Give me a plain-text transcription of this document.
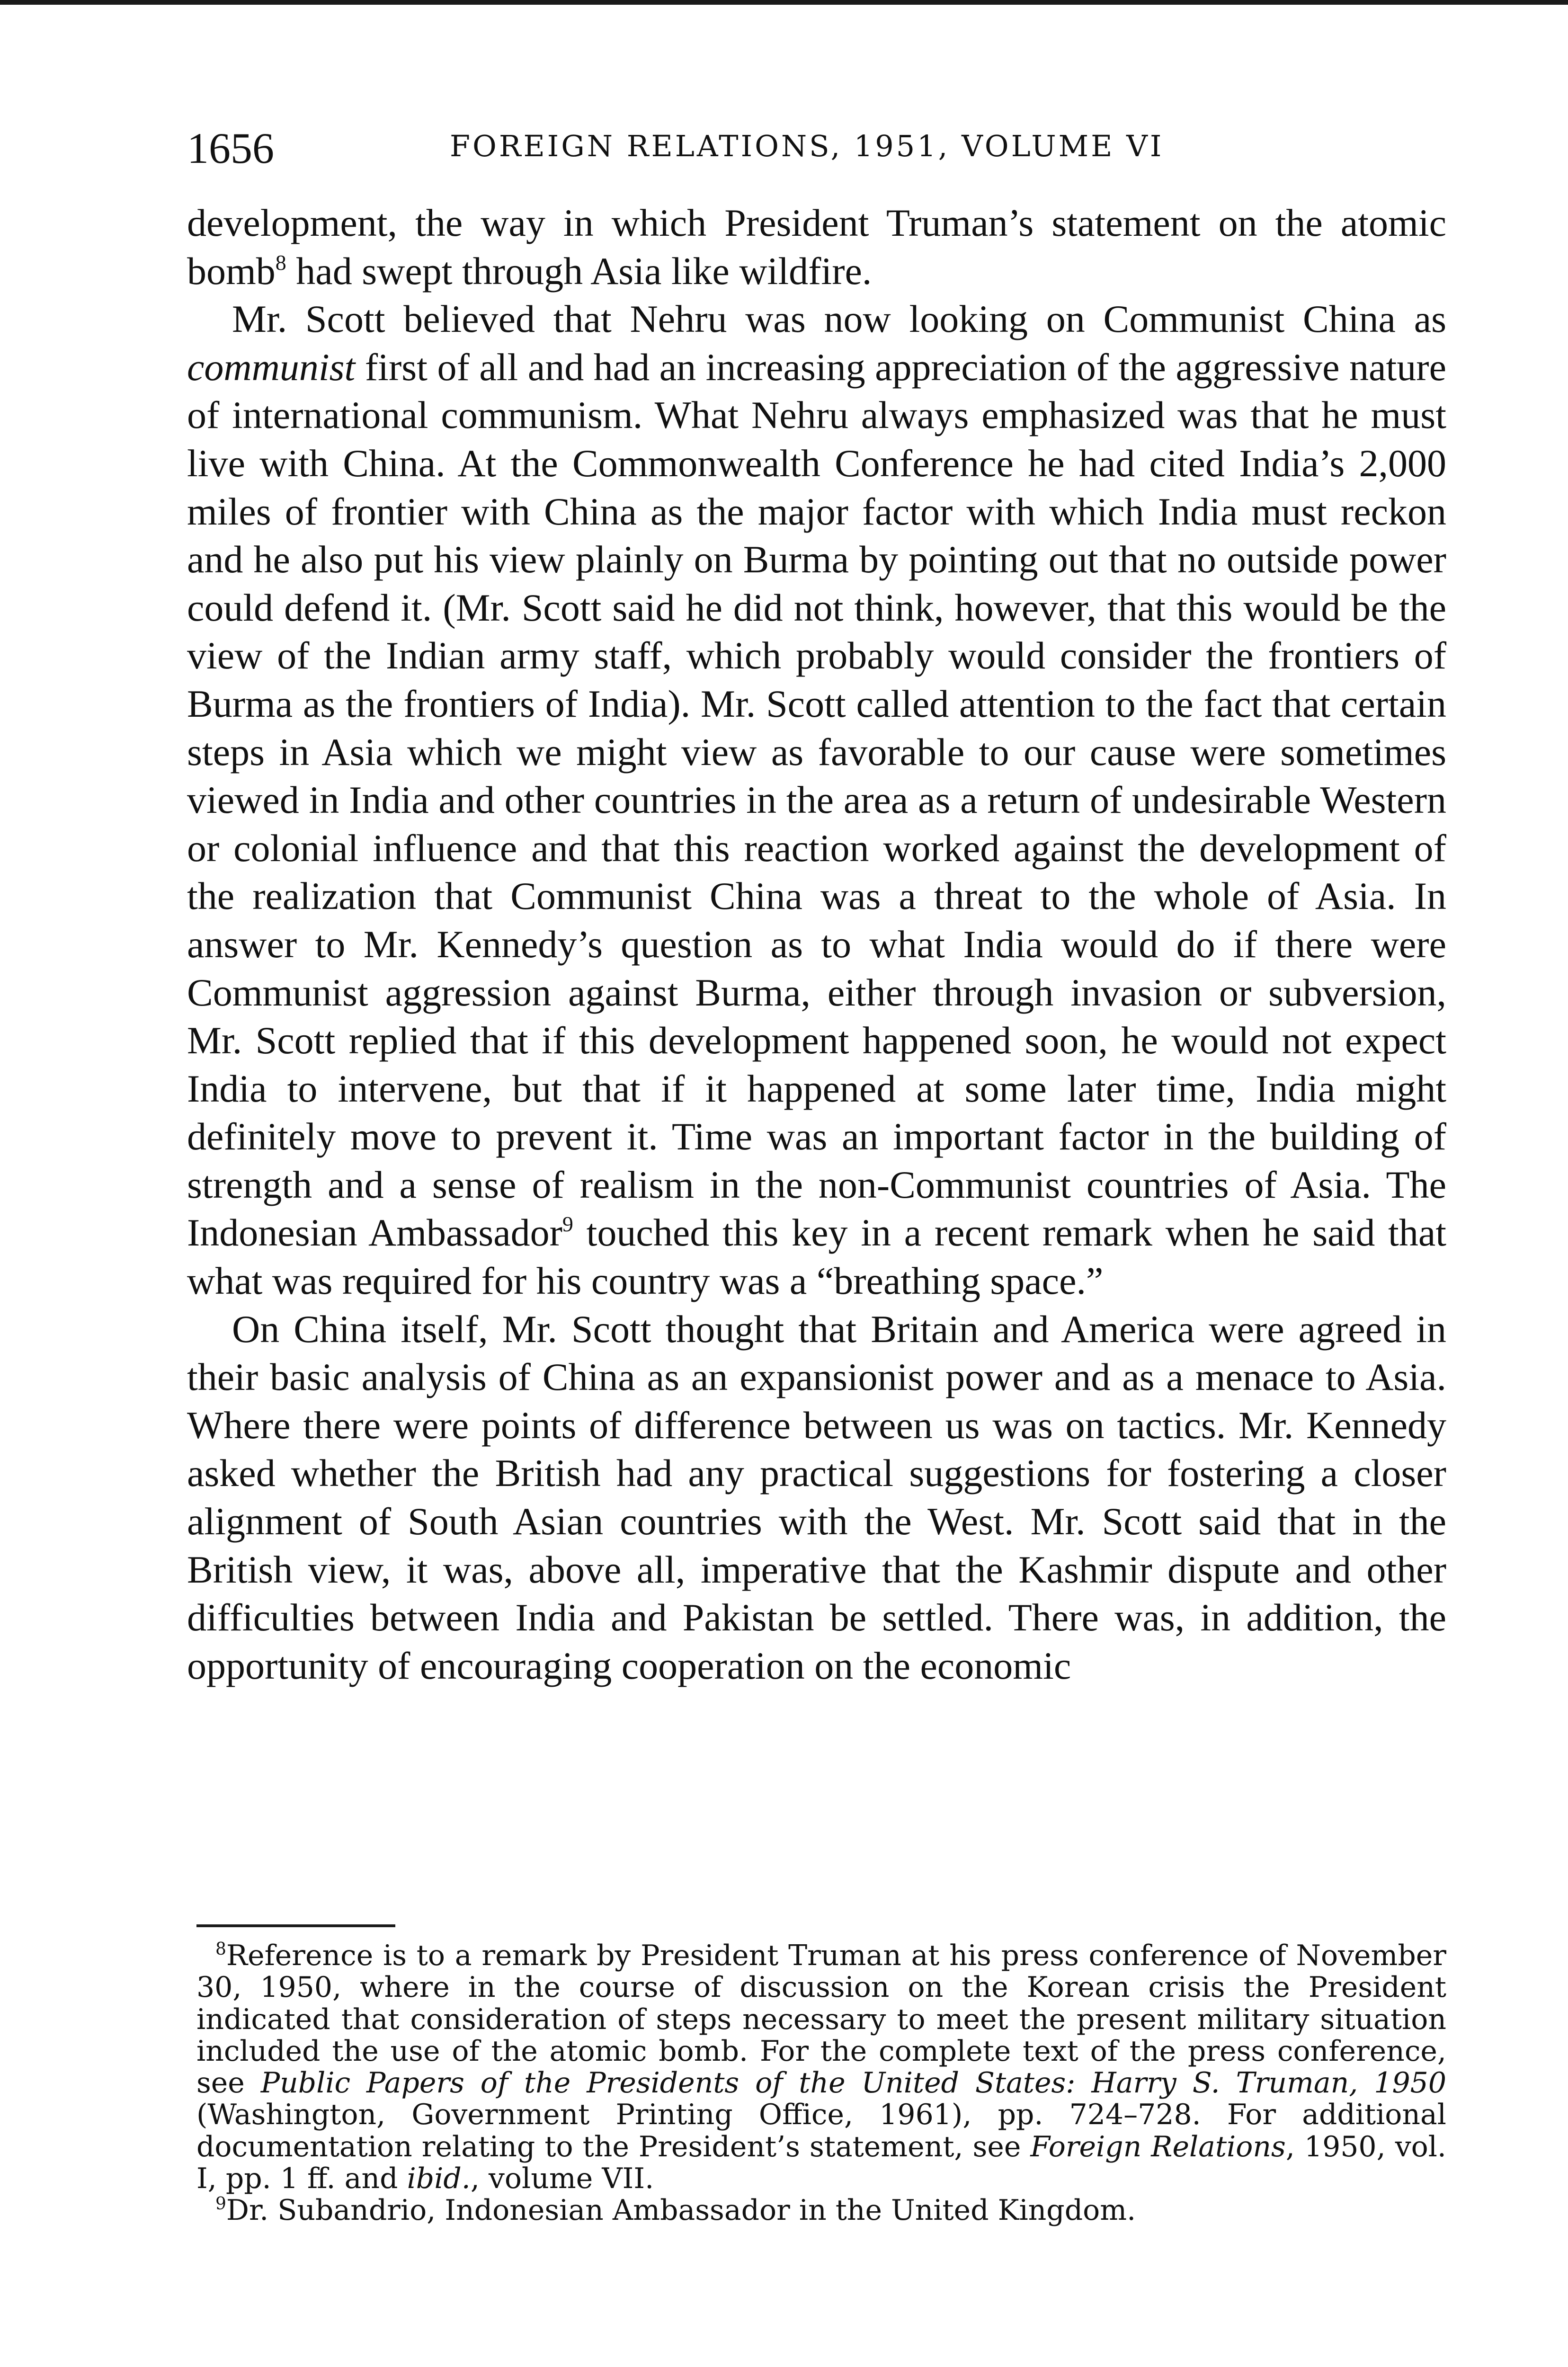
1656	FOREIGN RELATIONS, 1951, VOLUME VI

development, the way in which President Truman’s statement on the atomic bomb$^8$ had swept through Asia like wildfire.

Mr. Scott believed that Nehru was now looking on Communist China as communist first of all and had an increasing appreciation of the aggressive nature of international communism. What Nehru always emphasized was that he must live with China. At the Commonwealth Conference he had cited India’s 2,000 miles of frontier with China as the major factor with which India must reckon and he also put his view plainly on Burma by pointing out that no outside power could defend it. (Mr. Scott said he did not think, however, that this would be the view of the Indian army staff, which probably would consider the frontiers of Burma as the frontiers of India). Mr. Scott called attention to the fact that certain steps in Asia which we might view as favorable to our cause were sometimes viewed in India and other countries in the area as a return of undesirable Western or colonial influence and that this reaction worked against the development of the realization that Communist China was a threat to the whole of Asia. In answer to Mr. Kennedy’s question as to what India would do if there were Communist aggression against Burma, either through invasion or subversion, Mr. Scott replied that if this development happened soon, he would not expect India to intervene, but that if it happened at some later time, India might definitely move to prevent it. Time was an important factor in the building of strength and a sense of realism in the non-Communist countries of Asia. The Indonesian Ambassador$^9$ touched this key in a recent remark when he said that what was required for his country was a “breathing space.”

On China itself, Mr. Scott thought that Britain and America were agreed in their basic analysis of China as an expansionist power and as a menace to Asia. Where there were points of difference between us was on tactics. Mr. Kennedy asked whether the British had any practical suggestions for fostering a closer alignment of South Asian countries with the West. Mr. Scott said that in the British view, it was, above all, imperative that the Kashmir dispute and other difficulties between India and Pakistan be settled. There was, in addition, the opportunity of encouraging cooperation on the economic

$^8$Reference is to a remark by President Truman at his press conference of November 30, 1950, where in the course of discussion on the Korean crisis the President indicated that consideration of steps necessary to meet the present military situation included the use of the atomic bomb. For the complete text of the press conference, see Public Papers of the Presidents of the United States: Harry S. Truman, 1950 (Washington, Government Printing Office, 1961), pp. 724–728. For additional documentation relating to the President’s statement, see Foreign Relations, 1950, vol. I, pp. 1 ff. and ibid., volume VII.

$^9$Dr. Subandrio, Indonesian Ambassador in the United Kingdom.
